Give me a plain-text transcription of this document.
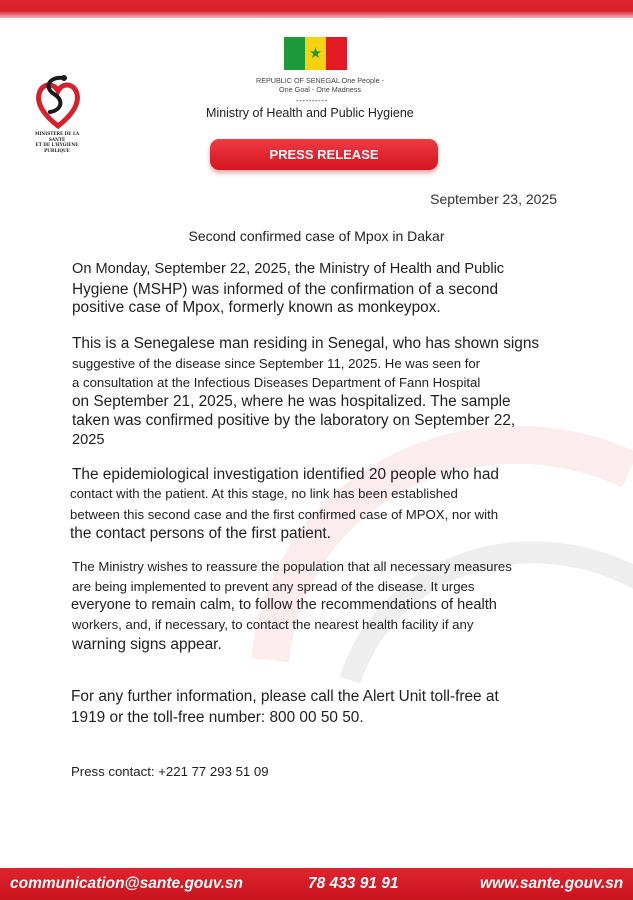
★
MINISTÈRE DE LA SANTÉ
ET DE L'HYGIÈNE PUBLIQUE
REPUBLIC OF SENEGAL One People -
One Goal - One Madness
----------
Ministry of Health and Public Hygiene
PRESS RELEASE
September 23, 2025
Second confirmed case of Mpox in Dakar
On Monday, September 22, 2025, the Ministry of Health and Public
Hygiene (MSHP) was informed of the confirmation of a second
positive case of Mpox, formerly known as monkeypox.
This is a Senegalese man residing in Senegal, who has shown signs
suggestive of the disease since September 11, 2025. He was seen for
a consultation at the Infectious Diseases Department of Fann Hospital
on September 21, 2025, where he was hospitalized. The sample
taken was confirmed positive by the laboratory on September 22,
2025
The epidemiological investigation identified 20 people who had
contact with the patient. At this stage, no link has been established
between this second case and the first confirmed case of MPOX, nor with
the contact persons of the first patient.
The Ministry wishes to reassure the population that all necessary measures
are being implemented to prevent any spread of the disease. It urges
everyone to remain calm, to follow the recommendations of health
workers, and, if necessary, to contact the nearest health facility if any
warning signs appear.
For any further information, please call the Alert Unit toll-free at
1919 or the toll-free number: 800 00 50 50.
Press contact: +221 77 293 51 09
communication@sante.gouv.sn	78 433 91 91	www.sante.gouv.sn
